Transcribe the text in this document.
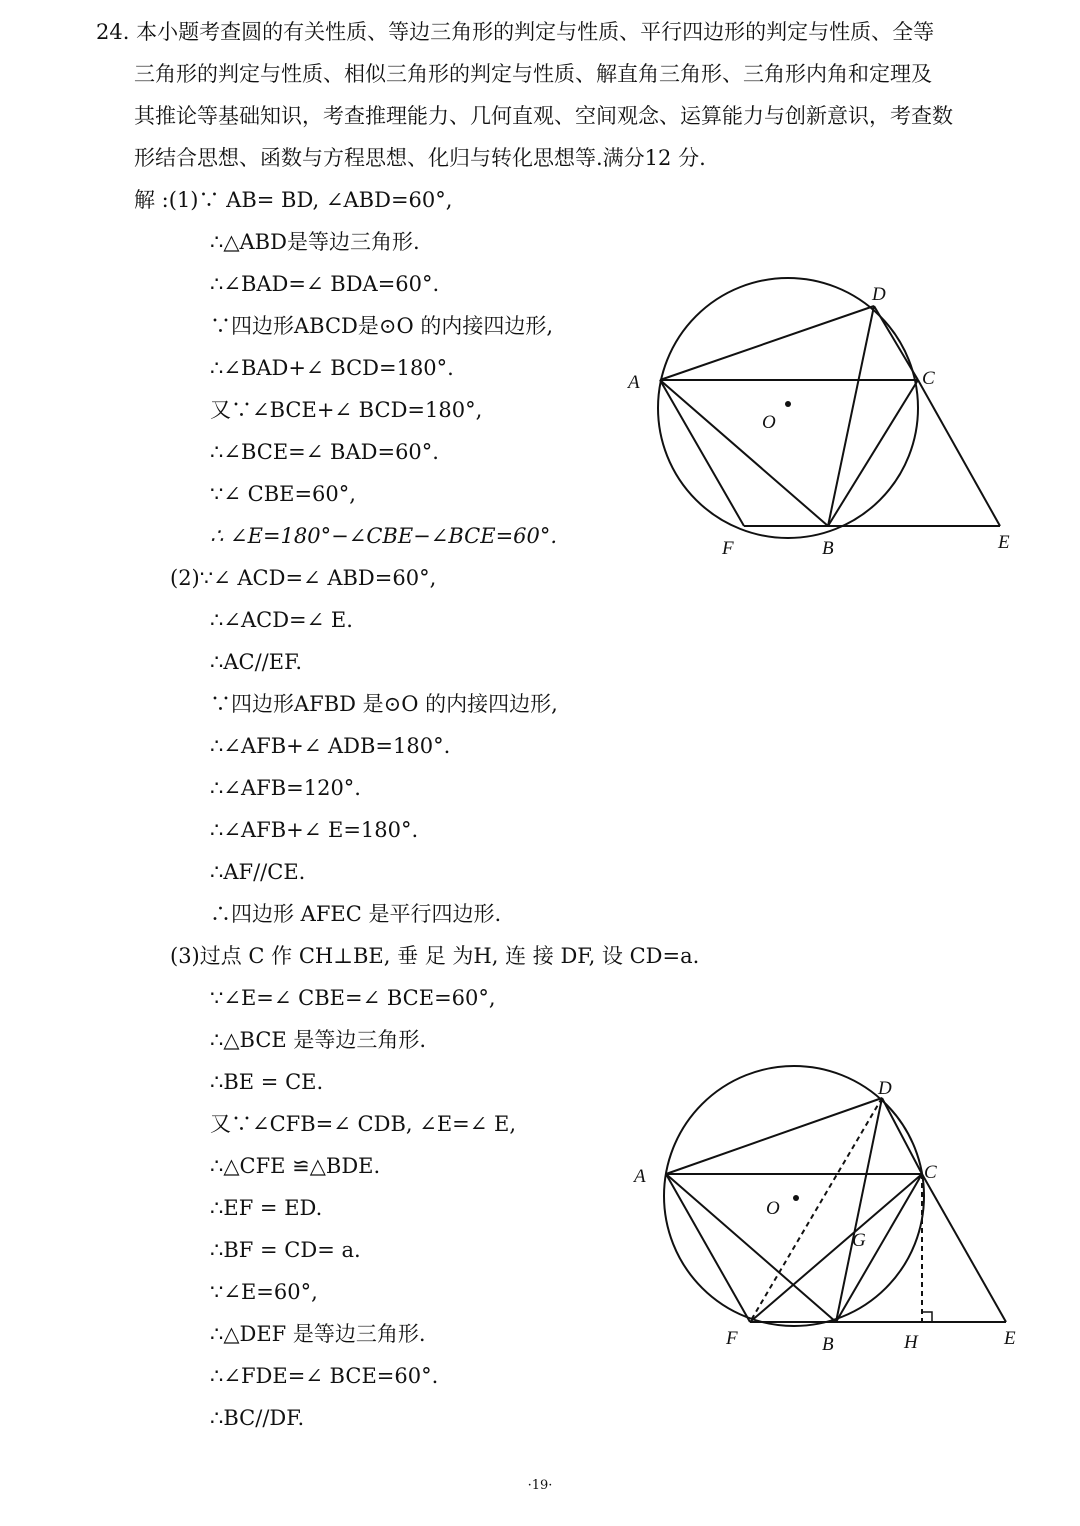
24. 本小题考查圆的有关性质、等边三角形的判定与性质、平行四边形的判定与性质、全等
三角形的判定与性质、相似三角形的判定与性质、解直角三角形、三角形内角和定理及
其推论等基础知识，考查推理能力、几何直观、空间观念、运算能力与创新意识，考查数
形结合思想、函数与方程思想、化归与转化思想等.满分12 分.
解 :(1)∵ AB= BD, ∠ABD=60°,
∴△ABD是等边三角形.
∴∠BAD=∠ BDA=60°.
∵四边形ABCD是⊙O 的内接四边形,
∴∠BAD+∠ BCD=180°.
又∵∠BCE+∠ BCD=180°,
∴∠BCE=∠ BAD=60°.
∵∠ CBE=60°,
∴ ∠E=180°−∠CBE−∠BCE=60°.
(2)∵∠ ACD=∠ ABD=60°,
∴∠ACD=∠ E.
∴AC//EF.
∵四边形AFBD 是⊙O 的内接四边形,
∴∠AFB+∠ ADB=180°.
∴∠AFB=120°.
∴∠AFB+∠ E=180°.
∴AF//CE.
∴四边形 AFEC 是平行四边形.
(3)过点 C 作 CH⊥BE, 垂 足 为H, 连 接 DF, 设 CD=a.
∵∠E=∠ CBE=∠ BCE=60°,
∴△BCE 是等边三角形.
∴BE = CE.
又∵∠CFB=∠ CDB, ∠E=∠ E,
∴△CFE ≌△BDE.
∴EF = ED.
∴BF = CD= a.
∵∠E=60°,
∴△DEF 是等边三角形.
∴∠FDE=∠ BCE=60°.
∴BC//DF.
A
B
C
D
E
F
O
A
B
C
D
E
F
O
G
H
·19·
